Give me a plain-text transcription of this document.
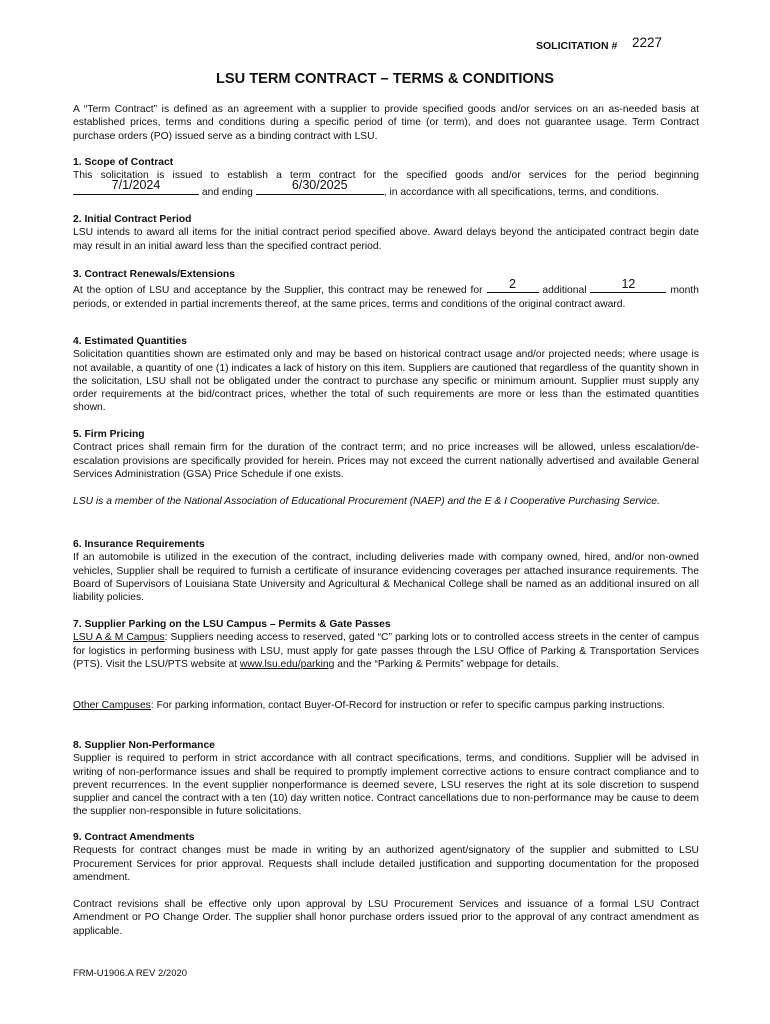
SOLICITATION # 2227
LSU TERM CONTRACT – TERMS & CONDITIONS

A “Term Contract” is defined as an agreement with a supplier to provide specified goods and/or services on an as-needed basis at established prices, terms and conditions during a specific period of time (or term), and does not guarantee usage. Term Contract purchase orders (PO) issued serve as a binding contract with LSU.

1. Scope of Contract

This solicitation is issued to establish a term contract for the specified goods and/or services for the period beginning
7/1/2024	and ending	6/30/2025	, in accordance with all specifications, terms, and conditions.

2. Initial Contract Period

LSU intends to award all items for the initial contract period specified above. Award delays beyond the anticipated contract begin date may result in an initial award less than the specified contract period.

3. Contract Renewals/Extensions

At the option of LSU and acceptance by the Supplier, this contract may be renewed for	2	additional	12	month periods, or extended in partial increments thereof, at the same prices, terms and conditions of the original contract award.

4. Estimated Quantities

Solicitation quantities shown are estimated only and may be based on historical contract usage and/or projected needs; where usage is not available, a quantity of one (1) indicates a lack of history on this item. Suppliers are cautioned that regardless of the quantity shown in the solicitation, LSU shall not be obligated under the contract to purchase any specific or minimum amount. Supplier must supply any order requirements at the bid/contract prices, whether the total of such requirements are more or less than the estimated quantities shown.

5. Firm Pricing

Contract prices shall remain firm for the duration of the contract term; and no price increases will be allowed, unless escalation/de-escalation provisions are specifically provided for herein. Prices may not exceed the current nationally advertised and available General Services Administration (GSA) Price Schedule if one exists.

LSU is a member of the National Association of Educational Procurement (NAEP) and the E & I Cooperative Purchasing Service.

6. Insurance Requirements

If an automobile is utilized in the execution of the contract, including deliveries made with company owned, hired, and/or non-owned vehicles, Supplier shall be required to furnish a certificate of insurance evidencing coverages per attached insurance requirements. The Board of Supervisors of Louisiana State University and Agricultural & Mechanical College shall be named as an additional insured on all liability policies.

7. Supplier Parking on the LSU Campus – Permits & Gate Passes

LSU A & M Campus: Suppliers needing access to reserved, gated “C” parking lots or to controlled access streets in the center of campus for logistics in performing business with LSU, must apply for gate passes through the LSU Office of Parking & Transportation Services (PTS). Visit the LSU/PTS website at www.lsu.edu/parking and the “Parking & Permits” webpage for details.

Other Campuses: For parking information, contact Buyer-Of-Record for instruction or refer to specific campus parking instructions.

8. Supplier Non-Performance

Supplier is required to perform in strict accordance with all contract specifications, terms, and conditions. Supplier will be advised in writing of non-performance issues and shall be required to promptly implement corrective actions to ensure contract compliance and to prevent recurrences. In the event supplier nonperformance is deemed severe, LSU reserves the right at its sole discretion to suspend supplier and cancel the contract with a ten (10) day written notice. Contract cancellations due to non-performance may be cause to deem the supplier non-responsible in future solicitations.

9. Contract Amendments

Requests for contract changes must be made in writing by an authorized agent/signatory of the supplier and submitted to LSU Procurement Services for prior approval. Requests shall include detailed justification and supporting documentation for the proposed amendment.

Contract revisions shall be effective only upon approval by LSU Procurement Services and issuance of a formal LSU Contract Amendment or PO Change Order. The supplier shall honor purchase orders issued prior to the approval of any contract amendment as applicable.

FRM-U1906.A REV 2/2020
